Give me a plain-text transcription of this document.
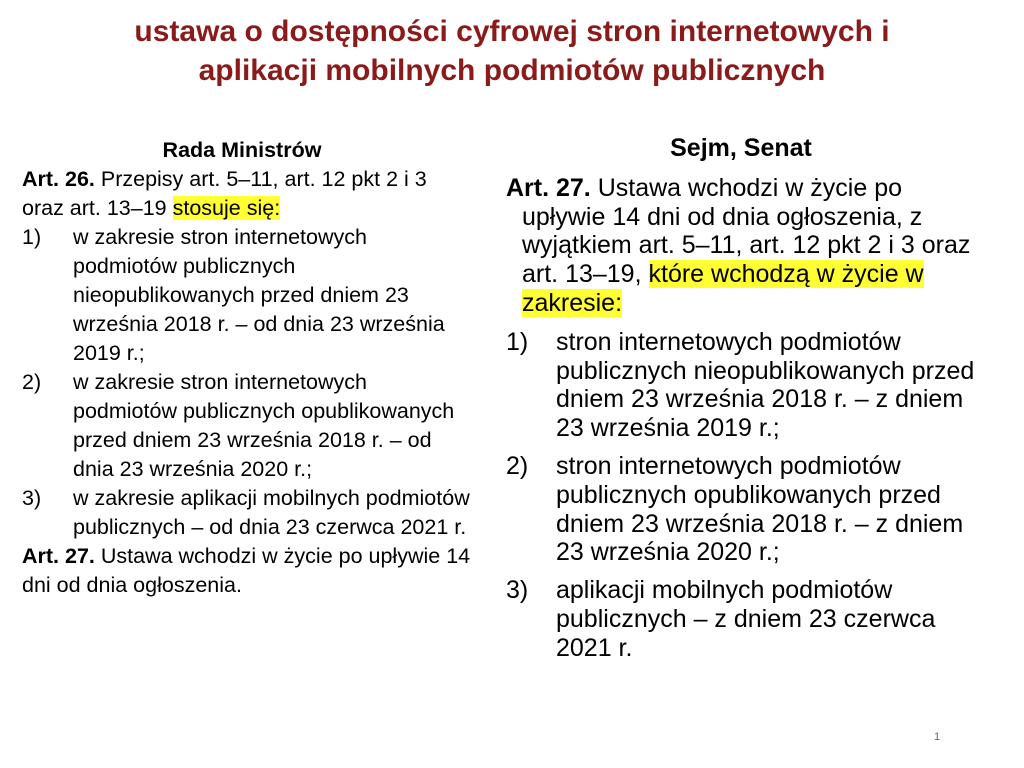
ustawa o dostępności cyfrowej stron internetowych i
aplikacji mobilnych podmiotów publicznych
Rada Ministrów

Art. 26. Przepisy art. 5–11, art. 12 pkt 2 i 3 oraz art. 13–19 stosuje się:

1)	w zakresie stron internetowych podmiotów publicznych nieopublikowanych przed dniem 23 września 2018 r. – od dnia 23 września 2019 r.;
2)	w zakresie stron internetowych podmiotów publicznych opublikowanych przed dniem 23 września 2018 r. – od dnia 23 września 2020 r.;
3)	w zakresie aplikacji mobilnych podmiotów publicznych – od dnia 23 czerwca 2021 r.

Art. 27. Ustawa wchodzi w życie po upływie 14 dni od dnia ogłoszenia.

Sejm, Senat

Art. 27. Ustawa wchodzi w życie po upływie 14 dni od dnia ogłoszenia, z wyjątkiem art. 5–11, art. 12 pkt 2 i 3 oraz art. 13–19, które wchodzą w życie w zakresie:

1)	stron internetowych podmiotów publicznych nieopublikowanych przed dniem 23 września 2018 r. – z dniem 23 września 2019 r.;
2)	stron internetowych podmiotów publicznych opublikowanych przed dniem 23 września 2018 r. – z dniem 23 września 2020 r.;
3)	aplikacji mobilnych podmiotów publicznych – z dniem 23 czerwca 2021 r.
1
